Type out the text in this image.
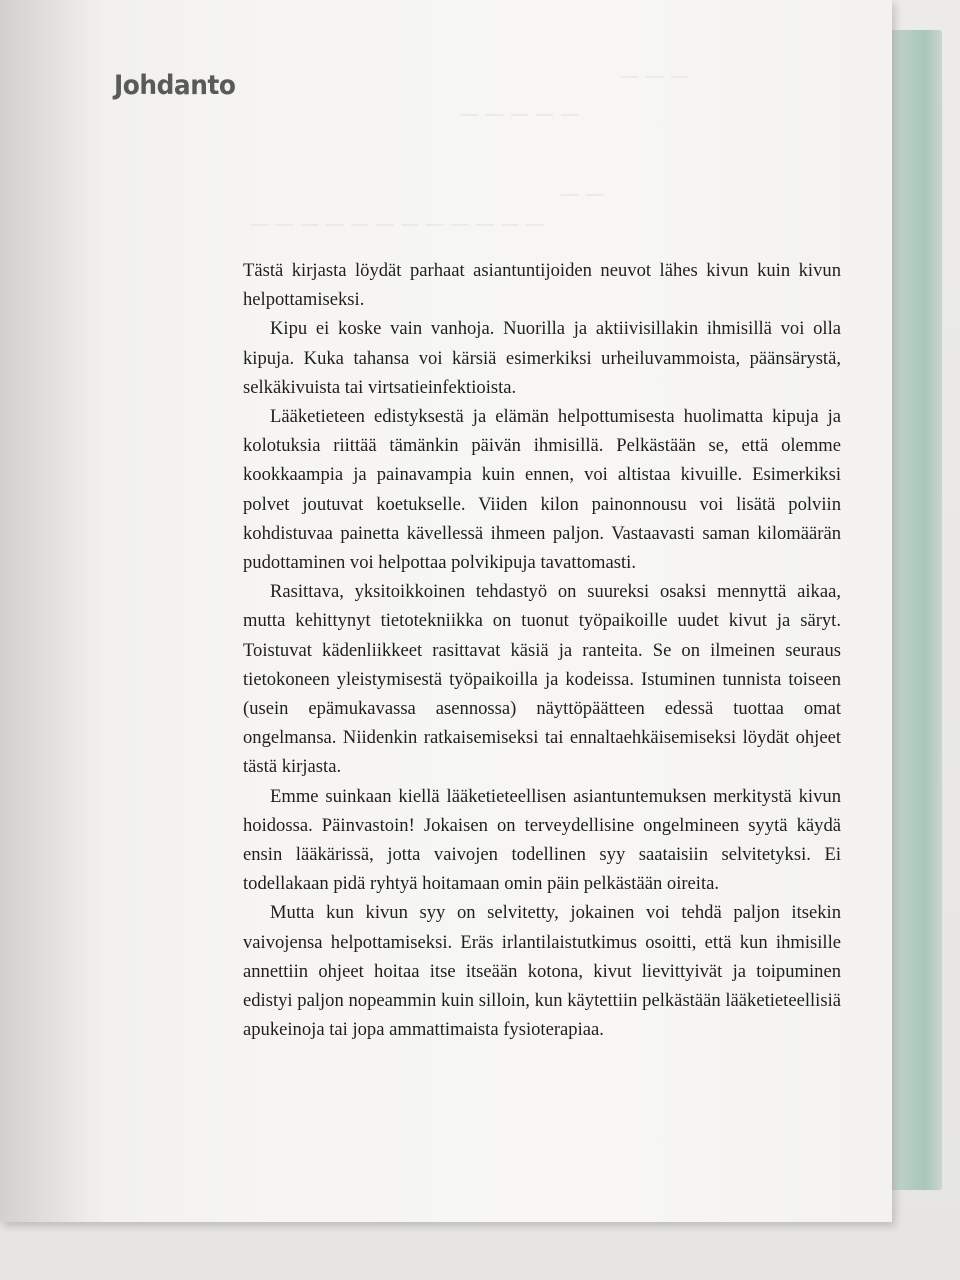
— — —
— — — — —
— —
— — — — — — — — — — — —
Johdanto

Tästä kirjasta löydät parhaat asiantuntijoiden neuvot lähes kivun kuin kivun helpottamiseksi.

Kipu ei koske vain vanhoja. Nuorilla ja aktiivisillakin ihmisillä voi olla kipuja. Kuka tahansa voi kärsiä esimerkiksi urheiluvammoista, päänsärystä, selkäkivuista tai virtsatieinfektioista.

Lääketieteen edistyksestä ja elämän helpottumisesta huolimatta kipuja ja kolotuksia riittää tämänkin päivän ihmisillä. Pelkästään se, että olemme kookkaampia ja painavampia kuin ennen, voi altistaa kivuille. Esimerkiksi polvet joutuvat koetukselle. Viiden kilon painonnousu voi lisätä polviin kohdistuvaa painetta kävellessä ihmeen paljon. Vastaavasti saman kilomäärän pudottaminen voi helpottaa polvikipuja tavattomasti.

Rasittava, yksitoikkoinen tehdastyö on suureksi osaksi mennyttä aikaa, mutta kehittynyt tietotekniikka on tuonut työpaikoille uudet kivut ja säryt. Toistuvat kädenliikkeet rasittavat käsiä ja ranteita. Se on ilmeinen seuraus tietokoneen yleistymisestä työpaikoilla ja kodeissa. Istuminen tunnista toiseen (usein epämukavassa asennossa) näyttöpäätteen edessä tuottaa omat ongelmansa. Niidenkin ratkaisemiseksi tai ennaltaehkäisemiseksi löydät ohjeet tästä kirjasta.

Emme suinkaan kiellä lääketieteellisen asiantuntemuksen merkitystä kivun hoidossa. Päinvastoin! Jokaisen on terveydellisine ongelmineen syytä käydä ensin lääkärissä, jotta vaivojen todellinen syy saataisiin selvitetyksi. Ei todellakaan pidä ryhtyä hoitamaan omin päin pelkästään oireita.

Mutta kun kivun syy on selvitetty, jokainen voi tehdä paljon itsekin vaivojensa helpottamiseksi. Eräs irlantilaistutkimus osoitti, että kun ihmisille annettiin ohjeet hoitaa itse itseään kotona, kivut lievittyivät ja toipuminen edistyi paljon nopeammin kuin silloin, kun käytettiin pelkästään lääketieteellisiä apukeinoja tai jopa ammattimaista fysioterapiaa.
